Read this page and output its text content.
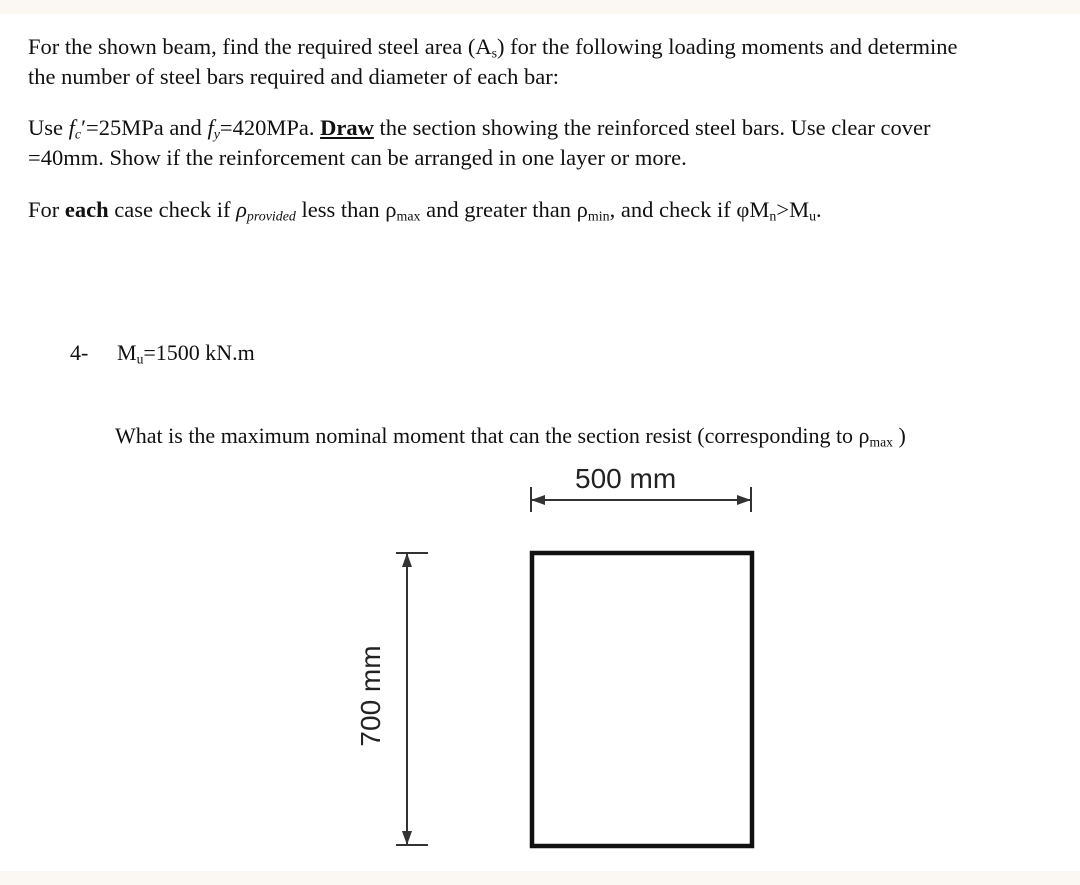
For the shown beam, find the required steel area $(A_s)$ for the following loading moments and determine
the number of steel bars required and diameter of each bar:
Use $f_c'=25MPa$ and $f_y=420MPa$. Draw the section showing the reinforced steel bars. Use clear cover
=40mm. Show if the reinforcement can be arranged in one layer or more.
For each case check if $\rho_{provided}$ less than $\rho_{max}$ and greater than $\rho_{min}$, and check if $\varphi M_n>M_u$.
4- $M_u=1500$ kN.m
What is the maximum nominal moment that can the section resist (corresponding to $\rho_{max}$ )
500 mm
700 mm
